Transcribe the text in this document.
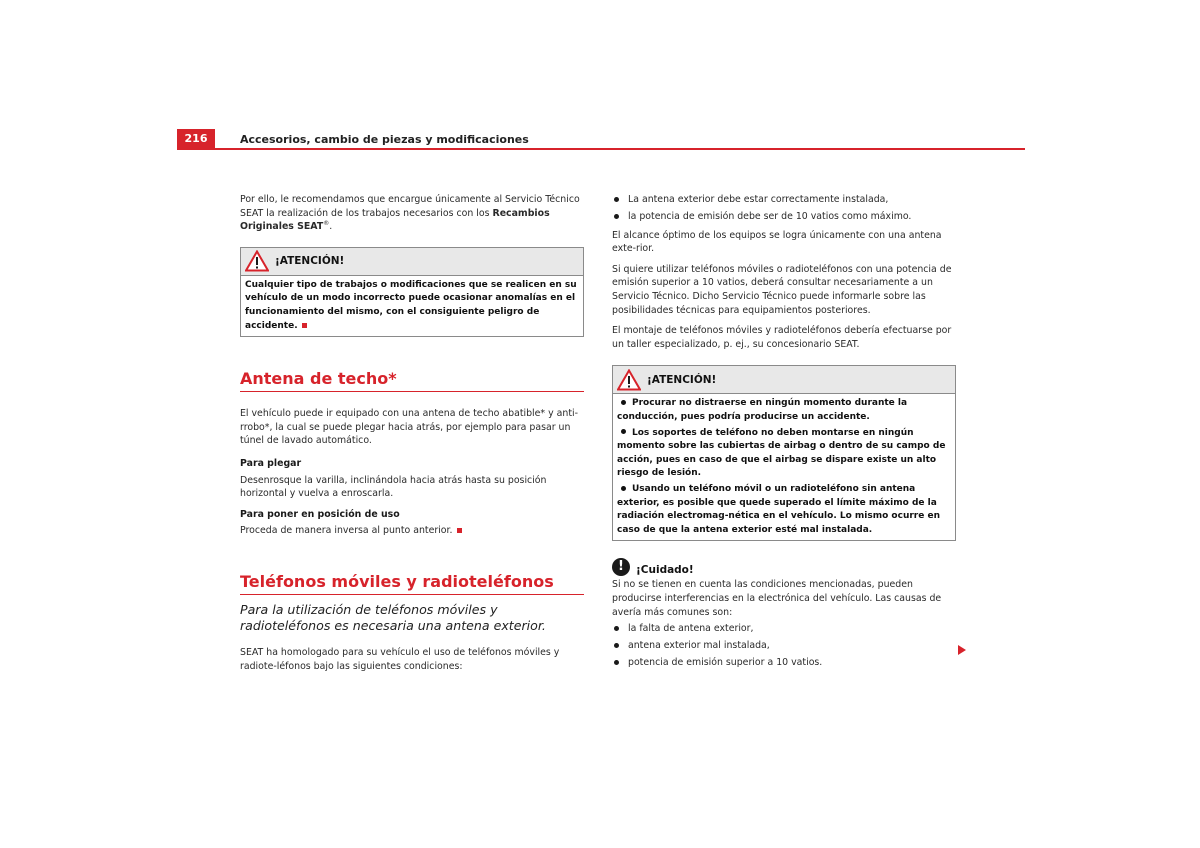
216	Accesorios, cambio de piezas y modificaciones

Por ello, le recomendamos que encargue únicamente al Servicio Técnico SEAT la realización de los trabajos necesarios con los Recambios Originales SEAT®.

¡ATENCIÓN!

Cualquier tipo de trabajos o modificaciones que se realicen en su vehículo de un modo incorrecto puede ocasionar anomalías en el funcionamiento del mismo, con el consiguiente peligro de accidente.

Antena de techo*

El vehículo puede ir equipado con una antena de techo abatible* y anti-rrobo*, la cual se puede plegar hacia atrás, por ejemplo para pasar un túnel de lavado automático.

Para plegar

Desenrosque la varilla, inclinándola hacia atrás hasta su posición horizontal y vuelva a enroscarla.

Para poner en posición de uso

Proceda de manera inversa al punto anterior.

Teléfonos móviles y radioteléfonos

Para la utilización de teléfonos móviles y radioteléfonos es necesaria una antena exterior.

SEAT ha homologado para su vehículo el uso de teléfonos móviles y radiote-léfonos bajo las siguientes condiciones:

La antena exterior debe estar correctamente instalada,
la potencia de emisión debe ser de 10 vatios como máximo.

El alcance óptimo de los equipos se logra únicamente con una antena exte-rior.

Si quiere utilizar teléfonos móviles o radioteléfonos con una potencia de emisión superior a 10 vatios, deberá consultar necesariamente a un Servicio Técnico. Dicho Servicio Técnico puede informarle sobre las posibilidades técnicas para equipamientos posteriores.

El montaje de teléfonos móviles y radioteléfonos debería efectuarse por un taller especializado, p. ej., su concesionario SEAT.

¡ATENCIÓN!
Procurar no distraerse en ningún momento durante la conducción, pues podría producirse un accidente.
Los soportes de teléfono no deben montarse en ningún momento sobre las cubiertas de airbag o dentro de su campo de acción, pues en caso de que el airbag se dispare existe un alto riesgo de lesión.
Usando un teléfono móvil o un radioteléfono sin antena exterior, es posible que quede superado el límite máximo de la radiación electromag-nética en el vehículo. Lo mismo ocurre en caso de que la antena exterior esté mal instalada.
!	¡Cuidado!

Si no se tienen en cuenta las condiciones mencionadas, pueden producirse interferencias en la electrónica del vehículo. Las causas de avería más comunes son:

la falta de antena exterior,
antena exterior mal instalada,
potencia de emisión superior a 10 vatios.
